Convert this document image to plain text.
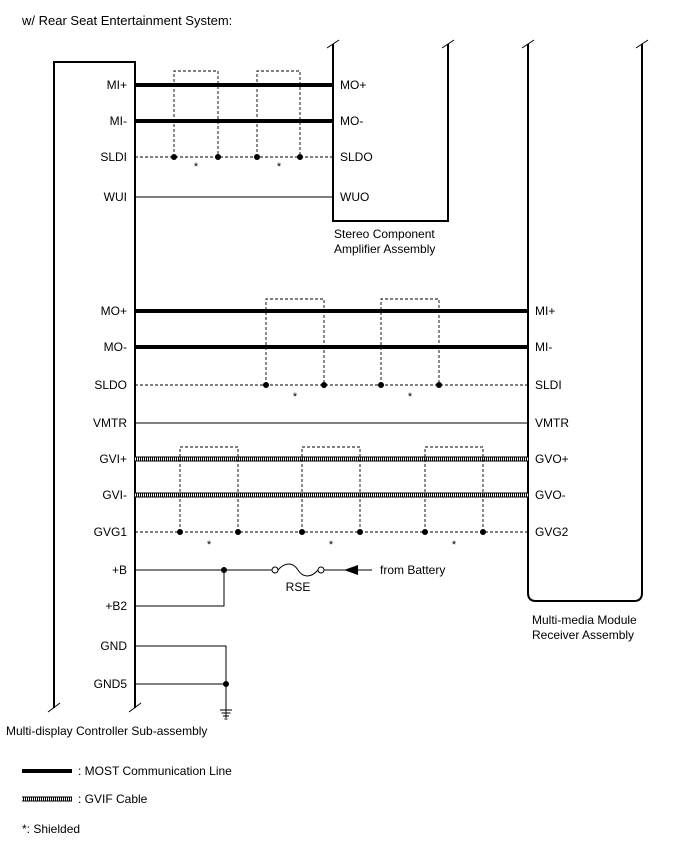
w/ Rear Seat Entertainment System:
*	*
MI+
MI-
SLDI
WUI
MO+
MO-
SLDO
WUO
Stereo Component
Amplifier Assembly
*	*
*	*	*
MO+
MO-
SLDO
VMTR
GVI+
GVI-
GVG1
+B
+B2
GND
GND5
MI+
MI-
SLDI
VMTR
GVO+
GVO-
GVG2
RSE
from Battery
Multi-media Module
Receiver Assembly
Multi-display Controller Sub-assembly
: MOST Communication Line
: GVIF Cable
*: Shielded
